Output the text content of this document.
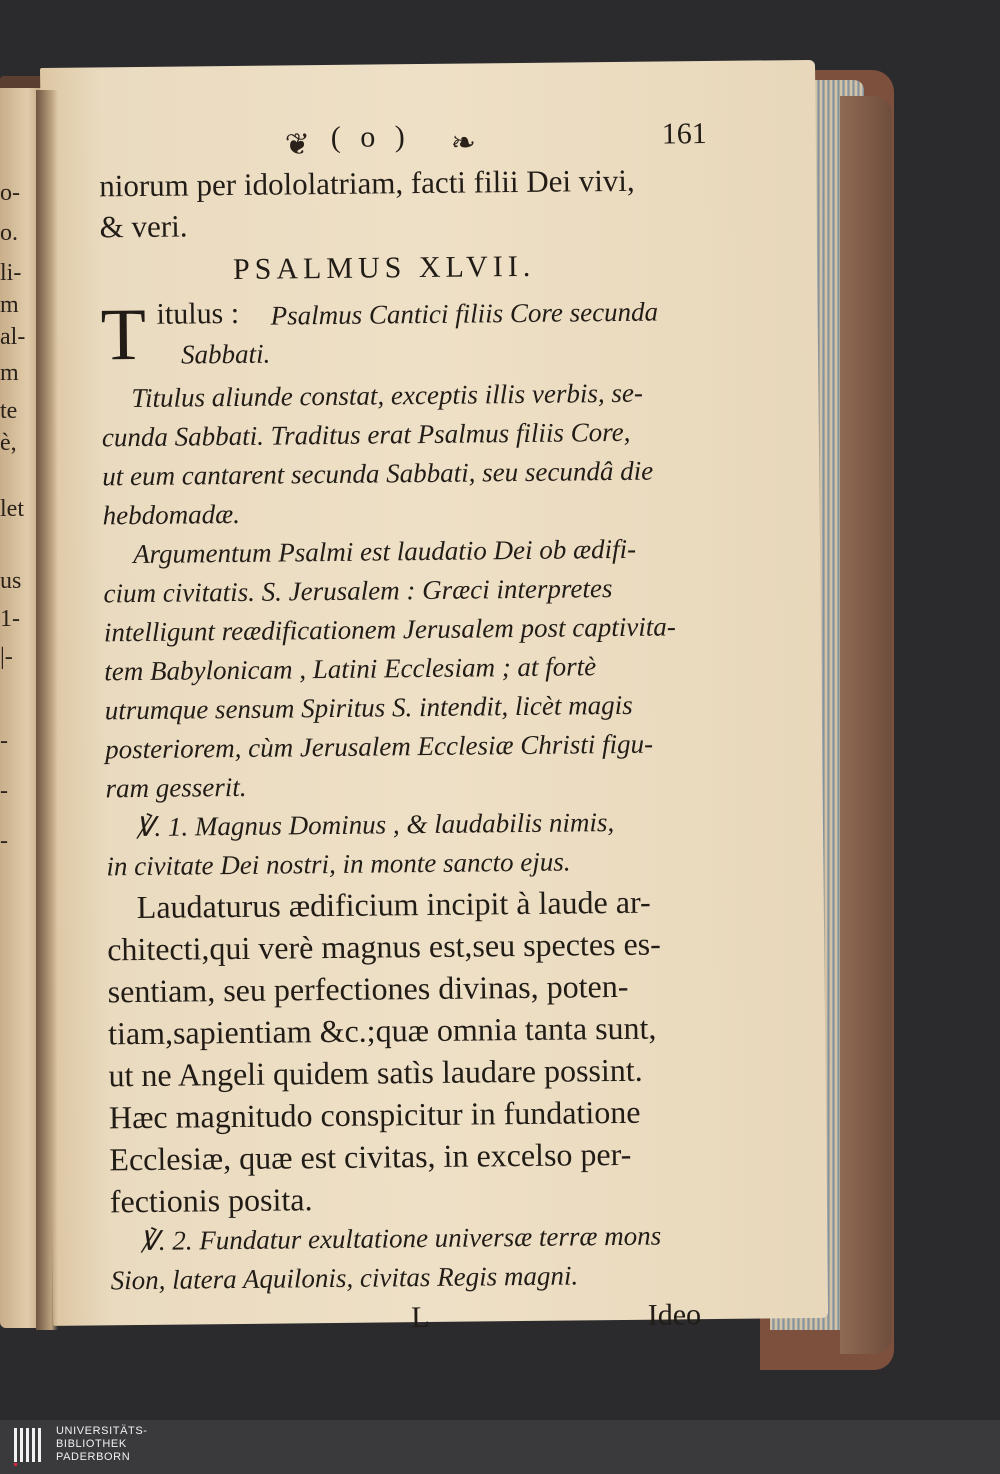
o-
o.
li-
m
al-
m
te
è,
let
us
1-
|-
-
-
-
❦ ( o ) ❧	161
niorum per idololatriam, facti filii Dei vivi,
& veri.
PSALMUS XLVII.
T itulus : Psalmus Cantici filiis Core secunda
Sabbati.
Titulus aliunde constat, exceptis illis verbis, se-
cunda Sabbati. Traditus erat Psalmus filiis Core,
ut eum cantarent secunda Sabbati, seu secundâ die
hebdomadæ.
Argumentum Psalmi est laudatio Dei ob ædifi-
cium civitatis. S. Jerusalem : Græci interpretes
intelligunt reædificationem Jerusalem post captivita-
tem Babylonicam , Latini Ecclesiam ; at fortè
utrumque sensum Spiritus S. intendit, licèt magis
posteriorem, cùm Jerusalem Ecclesiæ Christi figu-
ram gesserit.
℣. 1. Magnus Dominus , & laudabilis nimis,
in civitate Dei nostri, in monte sancto ejus.
Laudaturus ædificium incipit à laude ar-
chitecti,qui verè magnus est,seu spectes es-
sentiam, seu perfectiones divinas, poten-
tiam,sapientiam &c.;quæ omnia tanta sunt,
ut ne Angeli quidem satìs laudare possint.
Hæc magnitudo conspicitur in fundatione
Ecclesiæ, quæ est civitas, in excelso per-
fectionis posita.
℣. 2. Fundatur exultatione universæ terræ mons
Sion, latera Aquilonis, civitas Regis magni.
L	Ideo
UNIVERSITÄTS-
BIBLIOTHEK
PADERBORN
